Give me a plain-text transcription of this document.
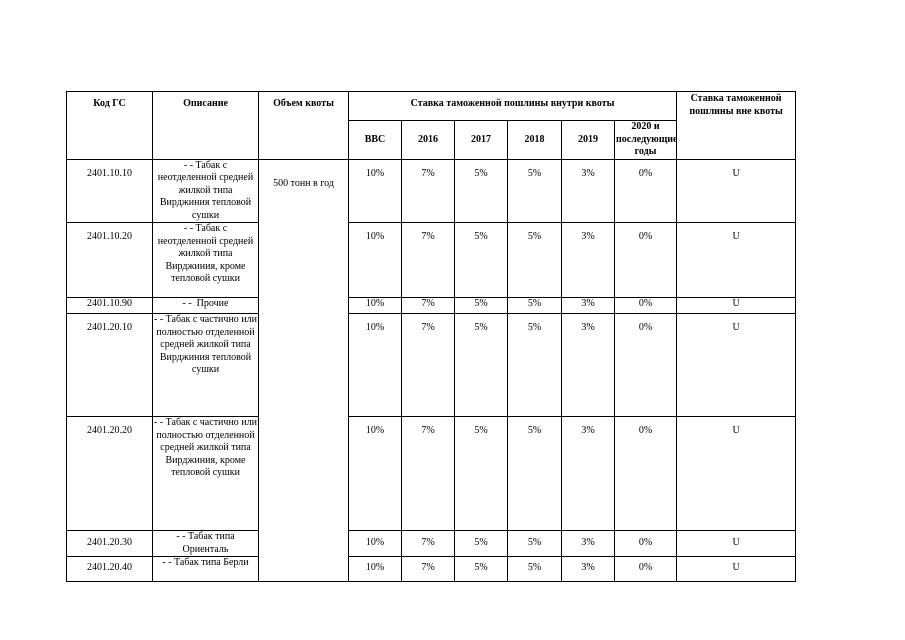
Код ГС	Описание	Объем квоты	Ставка таможенной пошлины внутри квоты						Ставка таможенной пошлины вне квоты
			ВВС	2016	2017	2018	2019	2020 и последующие годы	
2401.10.10	- - Табак с неотделенной средней жилкой типа Вирджиния тепловой сушки	500 тонн в год	10%	7%	5%	5%	3%	0%	U
2401.10.20	- - Табак с неотделенной средней жилкой типа Вирджиния, кроме тепловой сушки		10%	7%	5%	5%	3%	0%	U
2401.10.90	- -  Прочие		10%	7%	5%	5%	3%	0%	U
2401.20.10	- - Табак с частично или полностью отделенной средней жилкой типа Вирджиния тепловой сушки		10%	7%	5%	5%	3%	0%	U
2401.20.20	- - Табак с частично или полностью отделенной средней жилкой типа Вирджиния, кроме тепловой сушки		10%	7%	5%	5%	3%	0%	U
2401.20.30	- - Табак типа Ориенталь		10%	7%	5%	5%	3%	0%	U
2401.20.40	- - Табак типа Берли		10%	7%	5%	5%	3%	0%	U
